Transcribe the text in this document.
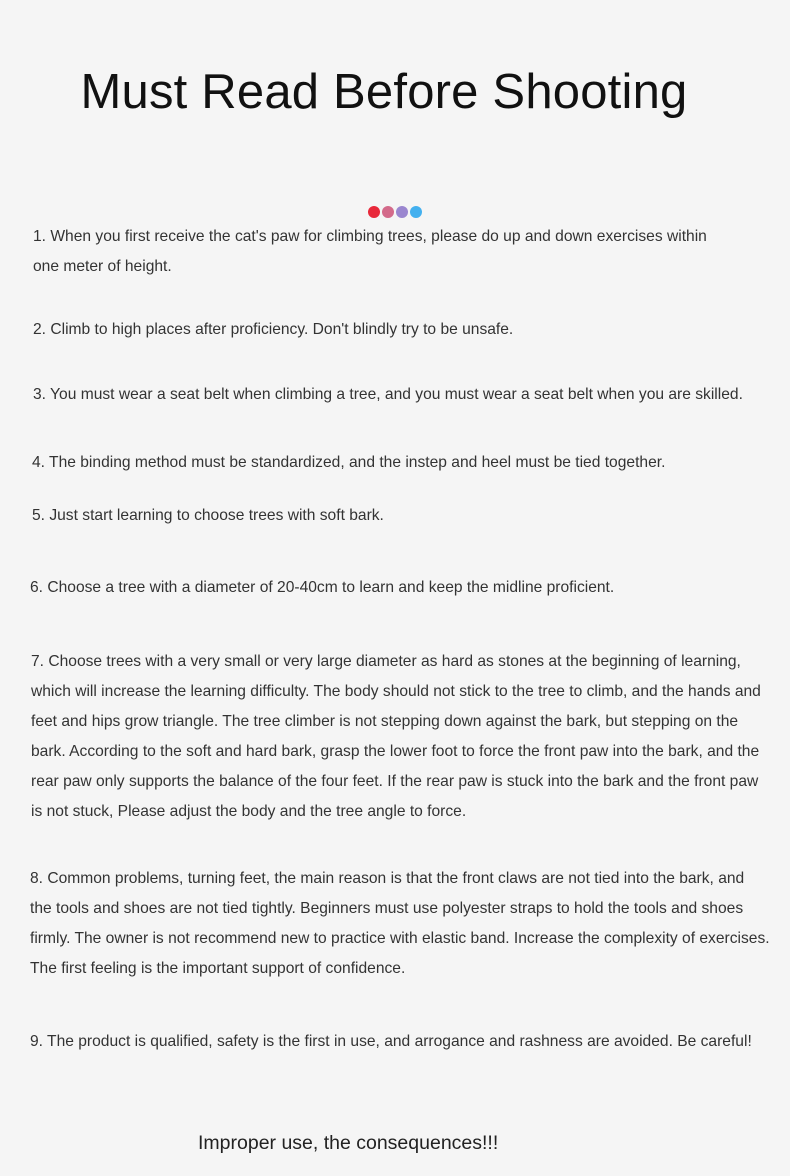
Must Read Before Shooting

1. When you first receive the cat's paw for climbing trees, please do up and down exercises within one meter of height.

2. Climb to high places after proficiency. Don't blindly try to be unsafe.

3. You must wear a seat belt when climbing a tree, and you must wear a seat belt when you are skilled.

4. The binding method must be standardized, and the instep and heel must be tied together.

5. Just start learning to choose trees with soft bark.

6. Choose a tree with a diameter of 20-40cm to learn and keep the midline proficient.

7. Choose trees with a very small or very large diameter as hard as stones at the beginning of learning, which will increase the learning difficulty. The body should not stick to the tree to climb, and the hands and feet and hips grow triangle. The tree climber is not stepping down against the bark, but stepping on the bark. According to the soft and hard bark, grasp the lower foot to force the front paw into the bark, and the rear paw only supports the balance of the four feet. If the rear paw is stuck into the bark and the front paw is not stuck, Please adjust the body and the tree angle to force.

8. Common problems, turning feet, the main reason is that the front claws are not tied into the bark, and the tools and shoes are not tied tightly. Beginners must use polyester straps to hold the tools and shoes firmly. The owner is not recommend new to practice with elastic band. Increase the complexity of exercises. The first feeling is the important support of confidence.

9. The product is qualified, safety is the first in use, and arrogance and rashness are avoided. Be careful!

Improper use, the consequences!!!
